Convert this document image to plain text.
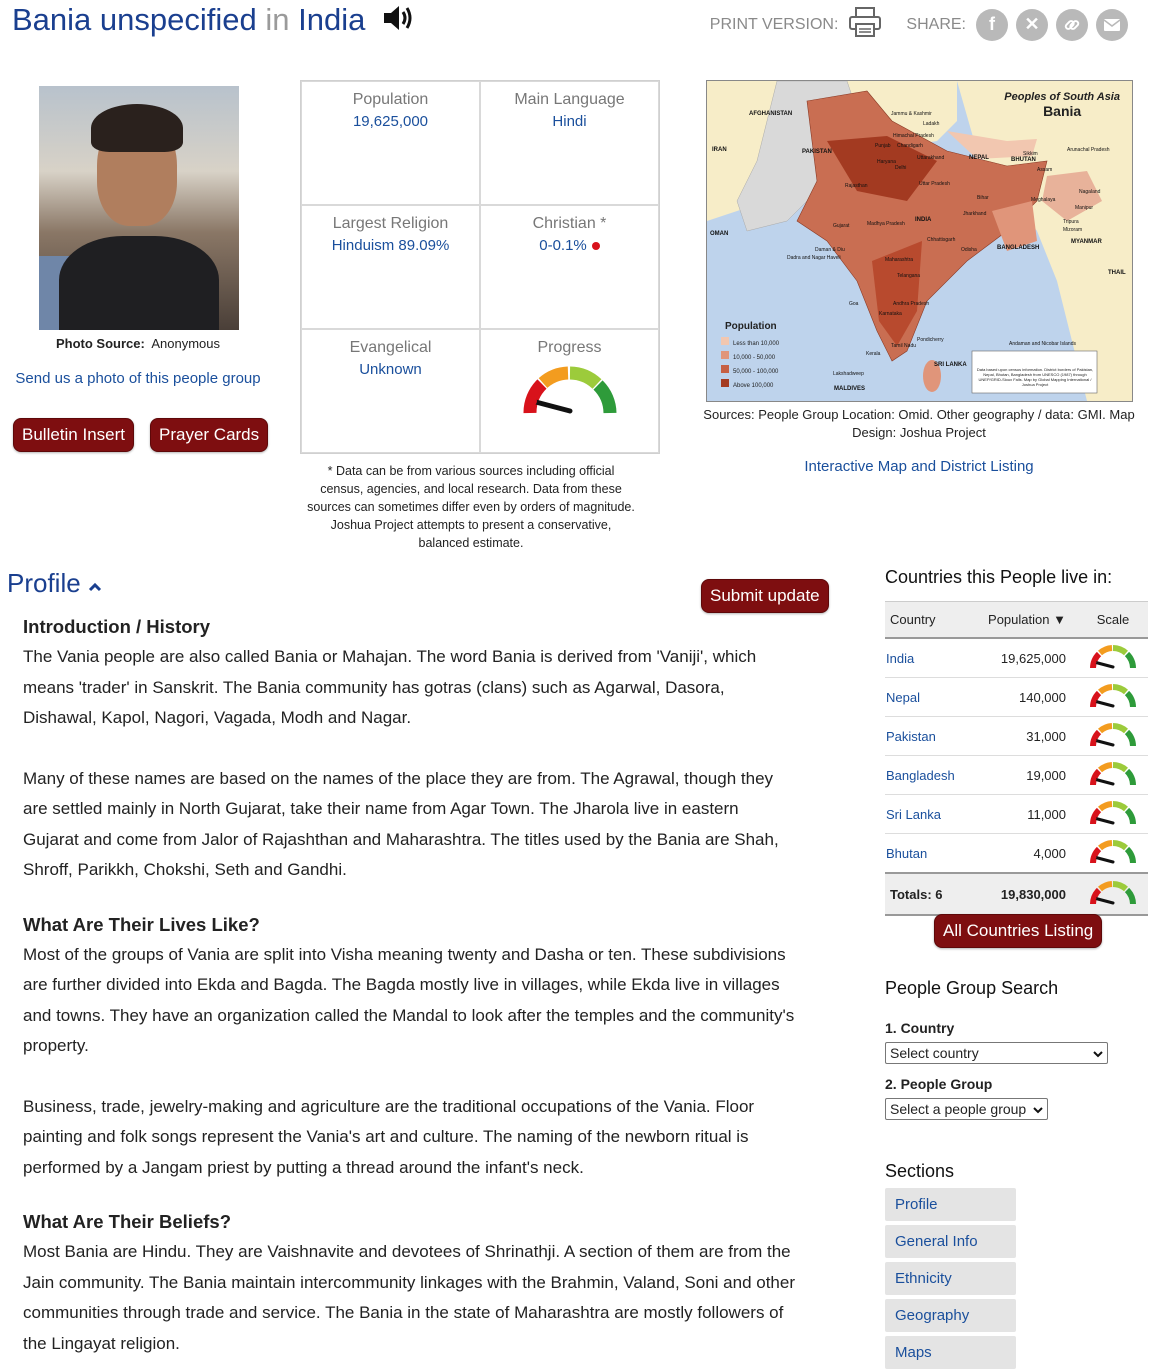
Bania unspecified in India	PRINT VERSION:	SHARE:	f	✕
Photo Source: Anonymous
Send us a photo of this people group
Bulletin Insert	Prayer Cards
Population
19,625,000
Main Language
Hindi
Largest Religion
Hinduism 89.09%
Christian *
0-0.1%
Evangelical
Unknown
Progress
* Data can be from various sources including official census, agencies, and local research. Data from these sources can sometimes differ even by orders of magnitude. Joshua Project attempts to present a conservative, balanced estimate.
Peoples of South Asia
Bania
Population
Less than 10,000
10,000 - 50,000
50,000 - 100,000
Above 100,000
Data based upon census information. District borders of Pakistan, Nepal, Bhutan, Bangladesh from UNESCO (1987) through UNEP/GRID-Sioux Falls. Map by Global Mapping International / Joshua Project
AFGHANISTAN
IRAN	PAKISTAN
OMAN
NEPAL	BHUTAN
INDIA
BANGLADESH
MYANMAR
THAIL
SRI LANKA
MALDIVES
Rajasthan
Gujarat
Maharashtra
Karnataka
Kerala
Tamil Nadu
Lakshadweep
Andaman and Nicobar Islands
Arunachal Pradesh
Nagaland
Manipur
Mizoram
Tripura
Meghalaya
Assam
Bihar
Odisha
Jharkhand
Chhattisgarh
Madhya Pradesh
Uttar Pradesh
Haryana
Delhi
Punjab
Jammu & Kashmir
Himachal Pradesh
Chandigarh
Sikkim
Telangana
Andhra Pradesh
Goa
Pondicherry
Daman & Diu
Dadra and Nagar Haveli
Uttarakhand
Ladakh
Sources: People Group Location: Omid. Other geography / data: GMI. Map Design: Joshua Project
Interactive Map and District Listing
Profile	Submit update
Introduction / History

The Vania people are also called Bania or Mahajan. The word Bania is derived from 'Vaniji', which means 'trader' in Sanskrit. The Bania community has gotras (clans) such as Agarwal, Dasora, Dishawal, Kapol, Nagori, Vagada, Modh and Nagar.

Many of these names are based on the names of the place they are from. The Agrawal, though they are settled mainly in North Gujarat, take their name from Agar Town. The Jharola live in eastern Gujarat and come from Jalor of Rajashthan and Maharashtra. The titles used by the Bania are Shah, Shroff, Parikkh, Chokshi, Seth and Gandhi.

What Are Their Lives Like?

Most of the groups of Vania are split into Visha meaning twenty and Dasha or ten. These subdivisions are further divided into Ekda and Bagda. The Bagda mostly live in villages, while Ekda live in villages and towns. They have an organization called the Mandal to look after the temples and the community's property.

Business, trade, jewelry-making and agriculture are the traditional occupations of the Vania. Floor painting and folk songs represent the Vania's art and culture. The naming of the newborn ritual is performed by a Jangam priest by putting a thread around the infant's neck.

What Are Their Beliefs?

Most Bania are Hindu. They are Vaishnavite and devotees of Shrinathji. A section of them are from the Jain community. The Bania maintain intercommunity linkages with the Brahmin, Valand, Soni and other communities through trade and service. The Bania in the state of Maharashtra are mostly followers of the Lingayat religion.

Countries this People live in:
Country	Population ▼	Scale
India	19,625,000	
Nepal	140,000	
Pakistan	31,000	
Bangladesh	19,000	
Sri Lanka	11,000	
Bhutan	4,000	
Totals: 6	19,830,000	
All Countries Listing
People Group Search
1. Country
Select country
2. People Group
Select a people group
Sections
Profile
General Info
Ethnicity
Geography
Maps
